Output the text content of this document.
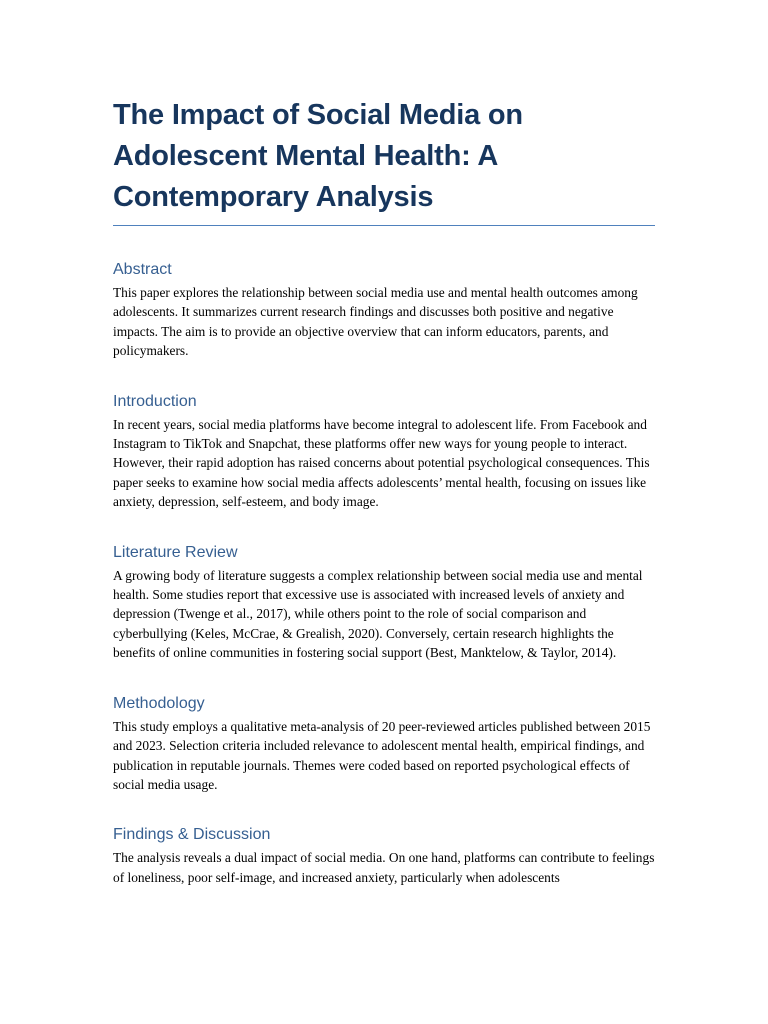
The Impact of Social Media on Adolescent Mental Health: A Contemporary Analysis
Abstract

This paper explores the relationship between social media use and mental health outcomes among adolescents. It summarizes current research findings and discusses both positive and negative impacts. The aim is to provide an objective overview that can inform educators, parents, and policymakers.

Introduction

In recent years, social media platforms have become integral to adolescent life. From Facebook and Instagram to TikTok and Snapchat, these platforms offer new ways for young people to interact. However, their rapid adoption has raised concerns about potential psychological consequences. This paper seeks to examine how social media affects adolescents’ mental health, focusing on issues like anxiety, depression, self-esteem, and body image.

Literature Review

A growing body of literature suggests a complex relationship between social media use and mental health. Some studies report that excessive use is associated with increased levels of anxiety and depression (Twenge et al., 2017), while others point to the role of social comparison and cyberbullying (Keles, McCrae, & Grealish, 2020). Conversely, certain research highlights the benefits of online communities in fostering social support (Best, Manktelow, & Taylor, 2014).

Methodology

This study employs a qualitative meta-analysis of 20 peer-reviewed articles published between 2015 and 2023. Selection criteria included relevance to adolescent mental health, empirical findings, and publication in reputable journals. Themes were coded based on reported psychological effects of social media usage.

Findings & Discussion

The analysis reveals a dual impact of social media. On one hand, platforms can contribute to feelings of loneliness, poor self-image, and increased anxiety, particularly when adolescents
